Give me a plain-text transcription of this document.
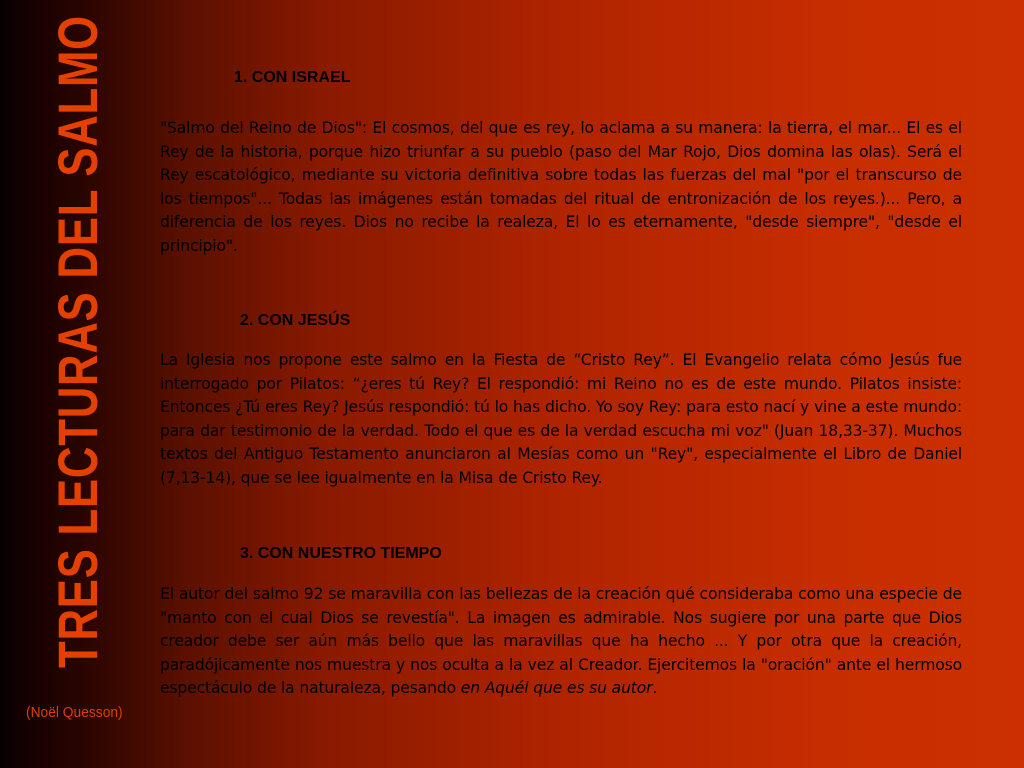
TRES LECTURAS DEL SALMO
(Noël Quesson)
1. CON ISRAEL
"Salmo del Reino de Dios": El cosmos, del que es rey, lo aclama a su manera: la tierra, el mar... El es el Rey de la historia, porque hizo triunfar a su pueblo (paso del Mar Rojo, Dios domina las olas). Será el Rey escatológico, mediante su victoria definitiva sobre todas las fuerzas del mal "por el transcurso de los tiempos"... Todas las imágenes están tomadas del ritual de entronización de los reyes.)... Pero, a diferencia de los reyes. Dios no recibe la realeza, El lo es eternamente, "desde siempre", "desde el principio".
2. CON JESÚS
La Iglesia nos propone este salmo en la Fiesta de “Cristo Rey”. El Evangelio relata cómo Jesús fue interrogado por Pilatos: “¿eres tú Rey? El respondió: mi Reino no es de este mundo. Pilatos insiste: Entonces ¿Tú eres Rey? Jesús respondió: tú lo has dicho. Yo soy Rey: para esto nací y vine a este mundo: para dar testimonio de la verdad. Todo el que es de la verdad escucha mi voz" (Juan 18,33-37). Muchos textos del Antiguo Testamento anunciaron al Mesías como un "Rey", especialmente el Libro de Daniel (7,13-14), que se lee igualmente en la Misa de Cristo Rey.
3. CON NUESTRO TIEMPO
El autor del salmo 92 se maravilla con las bellezas de la creación qué consideraba como una especie de "manto con el cual Dios se revestía". La imagen es admirable. Nos sugiere por una parte que Dios creador debe ser aún más bello que las maravillas que ha hecho ... Y por otra que la creación, paradójicamente nos muestra y nos oculta a la vez al Creador. Ejercitemos la "oración" ante el hermoso espectáculo de la naturaleza, pesando en Aquél que es su autor.
